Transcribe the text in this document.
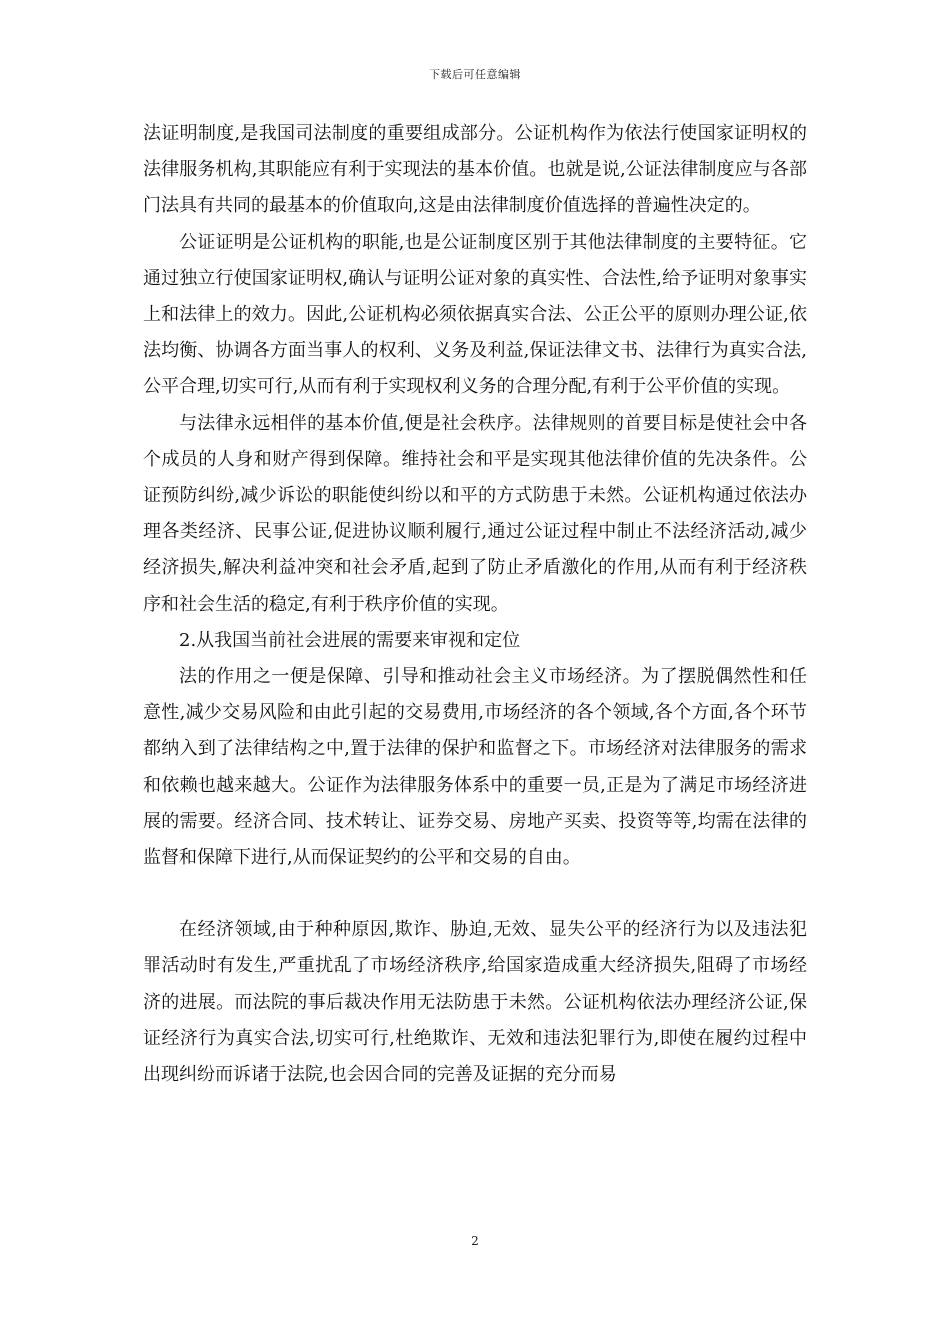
下载后可任意编辑

法证明制度,是我国司法制度的重要组成部分。公证机构作为依法行使国家证明权的法律服务机构,其职能应有利于实现法的基本价值。也就是说,公证法律制度应与各部门法具有共同的最基本的价值取向,这是由法律制度价值选择的普遍性决定的。

公证证明是公证机构的职能,也是公证制度区别于其他法律制度的主要特征。它通过独立行使国家证明权,确认与证明公证对象的真实性、合法性,给予证明对象事实上和法律上的效力。因此,公证机构必须依据真实合法、公正公平的原则办理公证,依法均衡、协调各方面当事人的权利、义务及利益,保证法律文书、法律行为真实合法,公平合理,切实可行,从而有利于实现权利义务的合理分配,有利于公平价值的实现。

与法律永远相伴的基本价值,便是社会秩序。法律规则的首要目标是使社会中各个成员的人身和财产得到保障。维持社会和平是实现其他法律价值的先决条件。公证预防纠纷,减少诉讼的职能使纠纷以和平的方式防患于未然。公证机构通过依法办理各类经济、民事公证,促进协议顺利履行,通过公证过程中制止不法经济活动,减少经济损失,解决利益冲突和社会矛盾,起到了防止矛盾激化的作用,从而有利于经济秩序和社会生活的稳定,有利于秩序价值的实现。

2.从我国当前社会进展的需要来审视和定位

法的作用之一便是保障、引导和推动社会主义市场经济。为了摆脱偶然性和任意性,减少交易风险和由此引起的交易费用,市场经济的各个领域,各个方面,各个环节都纳入到了法律结构之中,置于法律的保护和监督之下。市场经济对法律服务的需求和依赖也越来越大。公证作为法律服务体系中的重要一员,正是为了满足市场经济进展的需要。经济合同、技术转让、证券交易、房地产买卖、投资等等,均需在法律的监督和保障下进行,从而保证契约的公平和交易的自由。

在经济领域,由于种种原因,欺诈、胁迫,无效、显失公平的经济行为以及违法犯罪活动时有发生,严重扰乱了市场经济秩序,给国家造成重大经济损失,阻碍了市场经济的进展。而法院的事后裁决作用无法防患于未然。公证机构依法办理经济公证,保证经济行为真实合法,切实可行,杜绝欺诈、无效和违法犯罪行为,即使在履约过程中出现纠纷而诉诸于法院,也会因合同的完善及证据的充分而易

2
